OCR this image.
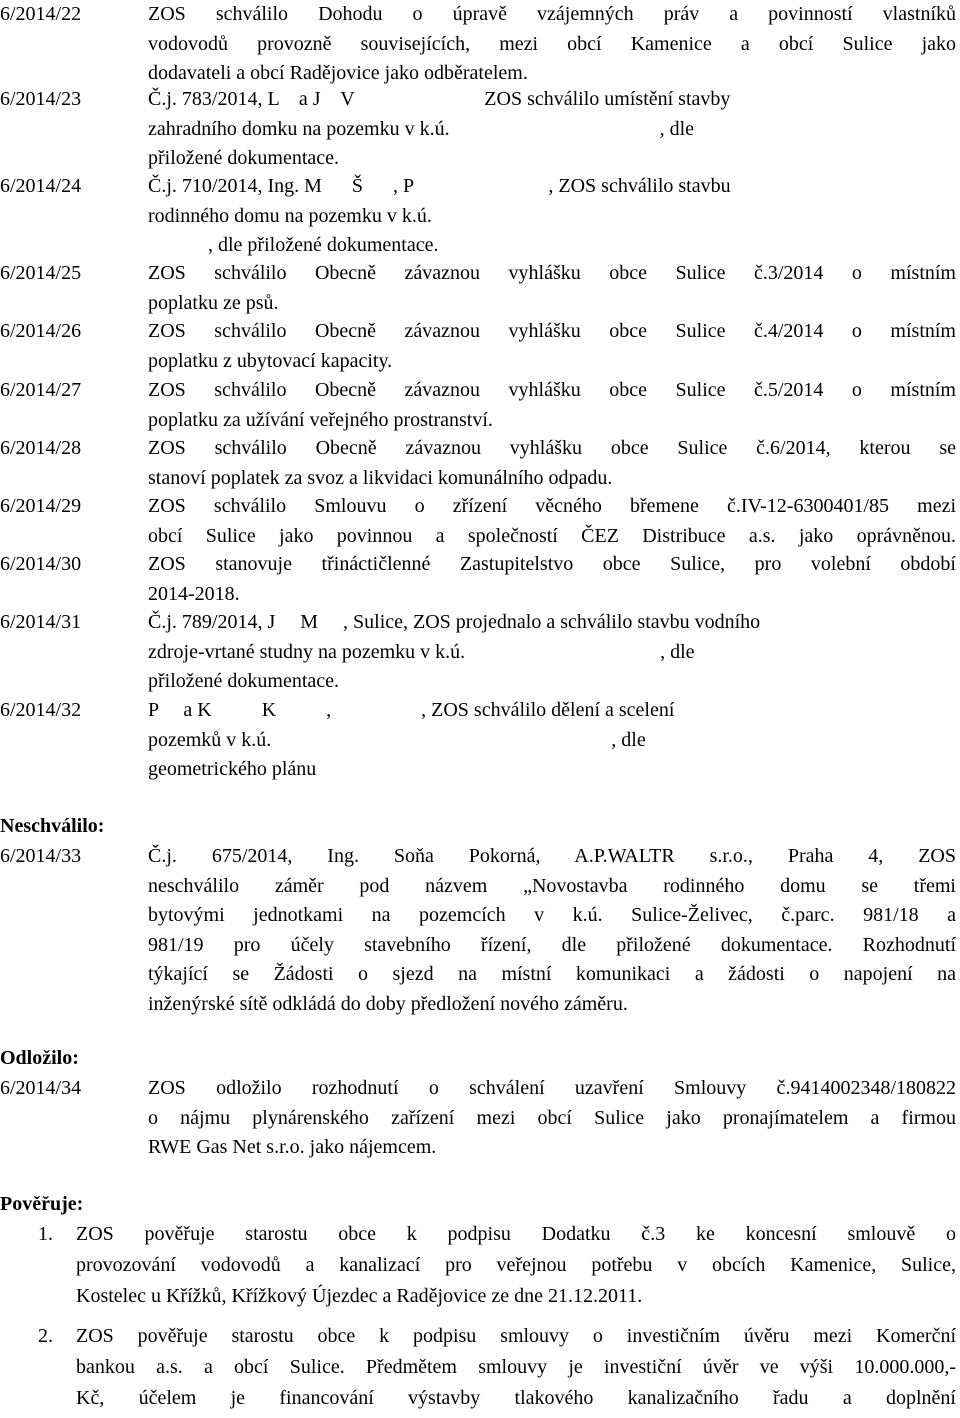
6/2014/22	ZOS schválilo Dohodu o úpravě vzájemných práv a povinností vlastníků
vodovodů provozně souvisejících, mezi obcí Kamenice a obcí Sulice jako
dodavateli a obcí Radějovice jako odběratelem.
6/2014/23	Č.j. 783/2014, L    a J    V                          ZOS schválilo umístění stavby
zahradního domku na pozemku v k.ú.                                          , dle
přiložené dokumentace.
6/2014/24	Č.j. 710/2014, Ing. M      Š      , P                           , ZOS schválilo stavbu
rodinného domu na pozemku v k.ú.
, dle přiložené dokumentace.
6/2014/25	ZOS schválilo Obecně závaznou vyhlášku obce Sulice č.3/2014 o místním
poplatku ze psů.
6/2014/26	ZOS schválilo Obecně závaznou vyhlášku obce Sulice č.4/2014 o místním
poplatku z ubytovací kapacity.
6/2014/27	ZOS schválilo Obecně závaznou vyhlášku obce Sulice č.5/2014 o místním
poplatku za užívání veřejného prostranství.
6/2014/28	ZOS schválilo Obecně závaznou vyhlášku obce Sulice č.6/2014, kterou se
stanoví poplatek za svoz a likvidaci komunálního odpadu.
6/2014/29	ZOS schválilo Smlouvu o zřízení věcného břemene č.IV-12-6300401/85 mezi
obcí Sulice jako povinnou a společností ČEZ Distribuce a.s. jako oprávněnou.
6/2014/30	ZOS stanovuje třináctičlenné Zastupitelstvo obce Sulice, pro volební období
2014-2018.
6/2014/31	Č.j. 789/2014, J     M     , Sulice, ZOS projednalo a schválilo stavbu vodního
zdroje-vrtané studny na pozemku v k.ú.                                       , dle
přiložené dokumentace.
6/2014/32	P     a K          K          ,                  , ZOS schválilo dělení a scelení
pozemků v k.ú.                                                                    , dle
geometrického plánu
Neschválilo:
6/2014/33	Č.j. 675/2014, Ing. Soňa Pokorná, A.P.WALTR s.r.o., Praha 4, ZOS
neschválilo záměr pod názvem „Novostavba rodinného domu se třemi
bytovými jednotkami na pozemcích v k.ú. Sulice-Želivec, č.parc. 981/18 a
981/19 pro účely stavebního řízení, dle přiložené dokumentace. Rozhodnutí
týkající se Žádosti o sjezd na místní komunikaci a žádosti o napojení na
inženýrské sítě odkládá do doby předložení nového záměru.
Odložilo:
6/2014/34	ZOS odložilo rozhodnutí o schválení uzavření Smlouvy č.9414002348/180822
o nájmu plynárenského zařízení mezi obcí Sulice jako pronajímatelem a firmou
RWE Gas Net s.r.o. jako nájemcem.
Pověřuje:
1. ZOS pověřuje starostu obce k podpisu Dodatku č.3 ke koncesní smlouvě o
provozování vodovodů a kanalizací pro veřejnou potřebu v obcích Kamenice, Sulice,
Kostelec u Křížků, Křížkový Újezdec a Radějovice ze dne 21.12.2011.
2. ZOS pověřuje starostu obce k podpisu smlouvy o investičním úvěru mezi Komerční
bankou a.s. a obcí Sulice. Předmětem smlouvy je investiční úvěr ve výši 10.000.000,-
Kč, účelem je financování výstavby tlakového kanalizačního řadu a doplnění
